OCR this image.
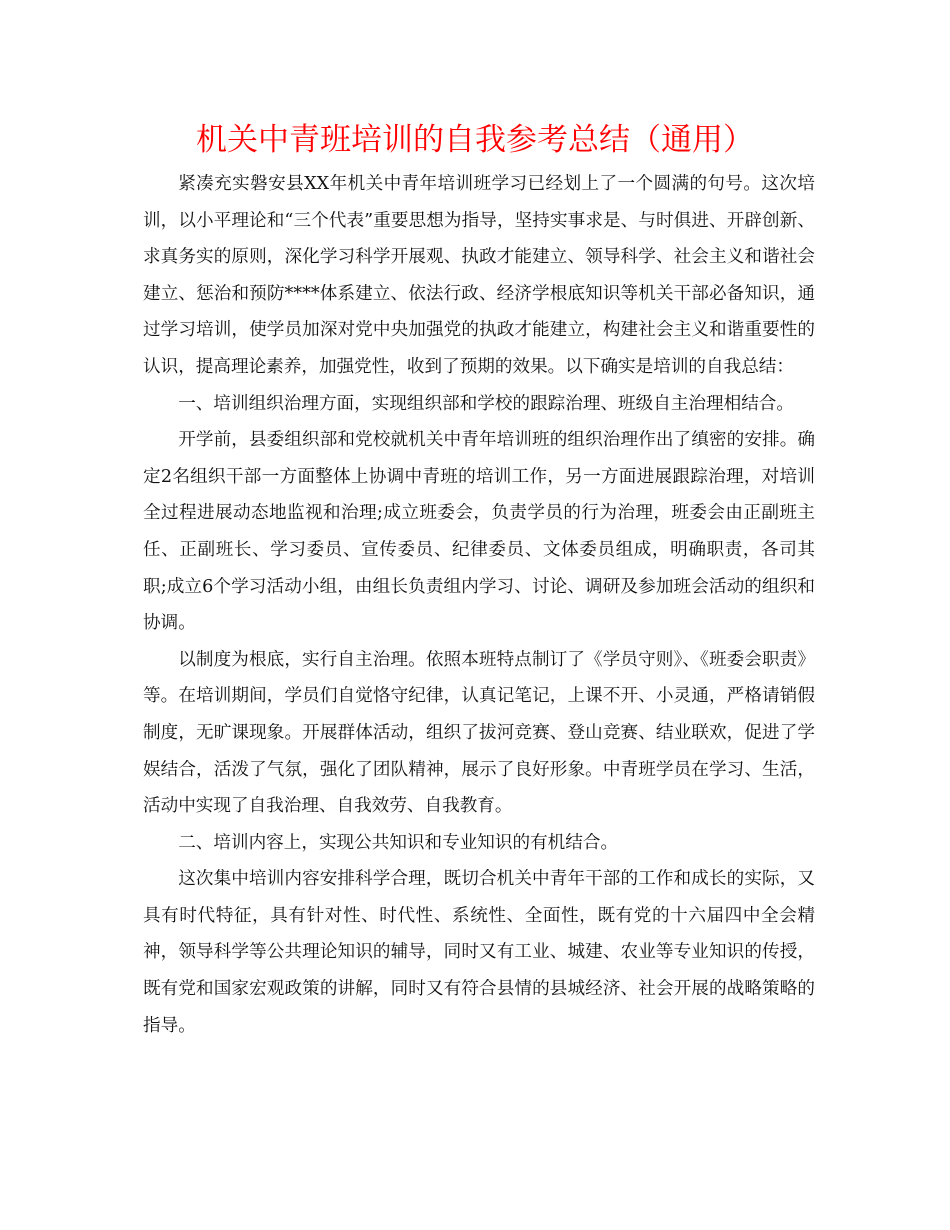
机关中青班培训的自我参考总结（通用）

紧凑充实磐安县XX年机关中青年培训班学习已经划上了一个圆满的句号。这次培训，以小平理论和“三个代表”重要思想为指导，坚持实事求是、与时俱进、开辟创新、求真务实的原则，深化学习科学开展观、执政才能建立、领导科学、社会主义和谐社会建立、惩治和预防****体系建立、依法行政、经济学根底知识等机关干部必备知识，通过学习培训，使学员加深对党中央加强党的执政才能建立，构建社会主义和谐重要性的认识，提高理论素养，加强党性，收到了预期的效果。以下确实是培训的自我总结：

一、培训组织治理方面，实现组织部和学校的跟踪治理、班级自主治理相结合。

开学前，县委组织部和党校就机关中青年培训班的组织治理作出了缜密的安排。确定2名组织干部一方面整体上协调中青班的培训工作，另一方面进展跟踪治理，对培训全过程进展动态地监视和治理;成立班委会，负责学员的行为治理，班委会由正副班主任、正副班长、学习委员、宣传委员、纪律委员、文体委员组成，明确职责，各司其职;成立6个学习活动小组，由组长负责组内学习、讨论、调研及参加班会活动的组织和协调。

以制度为根底，实行自主治理。依照本班特点制订了《学员守则》、《班委会职责》等。在培训期间，学员们自觉恪守纪律，认真记笔记，上课不开、小灵通，严格请销假制度，无旷课现象。开展群体活动，组织了拔河竞赛、登山竞赛、结业联欢，促进了学娱结合，活泼了气氛，强化了团队精神，展示了良好形象。中青班学员在学习、生活，活动中实现了自我治理、自我效劳、自我教育。

二、培训内容上，实现公共知识和专业知识的有机结合。

这次集中培训内容安排科学合理，既切合机关中青年干部的工作和成长的实际，又具有时代特征，具有针对性、时代性、系统性、全面性，既有党的十六届四中全会精神，领导科学等公共理论知识的辅导，同时又有工业、城建、农业等专业知识的传授，既有党和国家宏观政策的讲解，同时又有符合县情的县城经济、社会开展的战略策略的指导。
